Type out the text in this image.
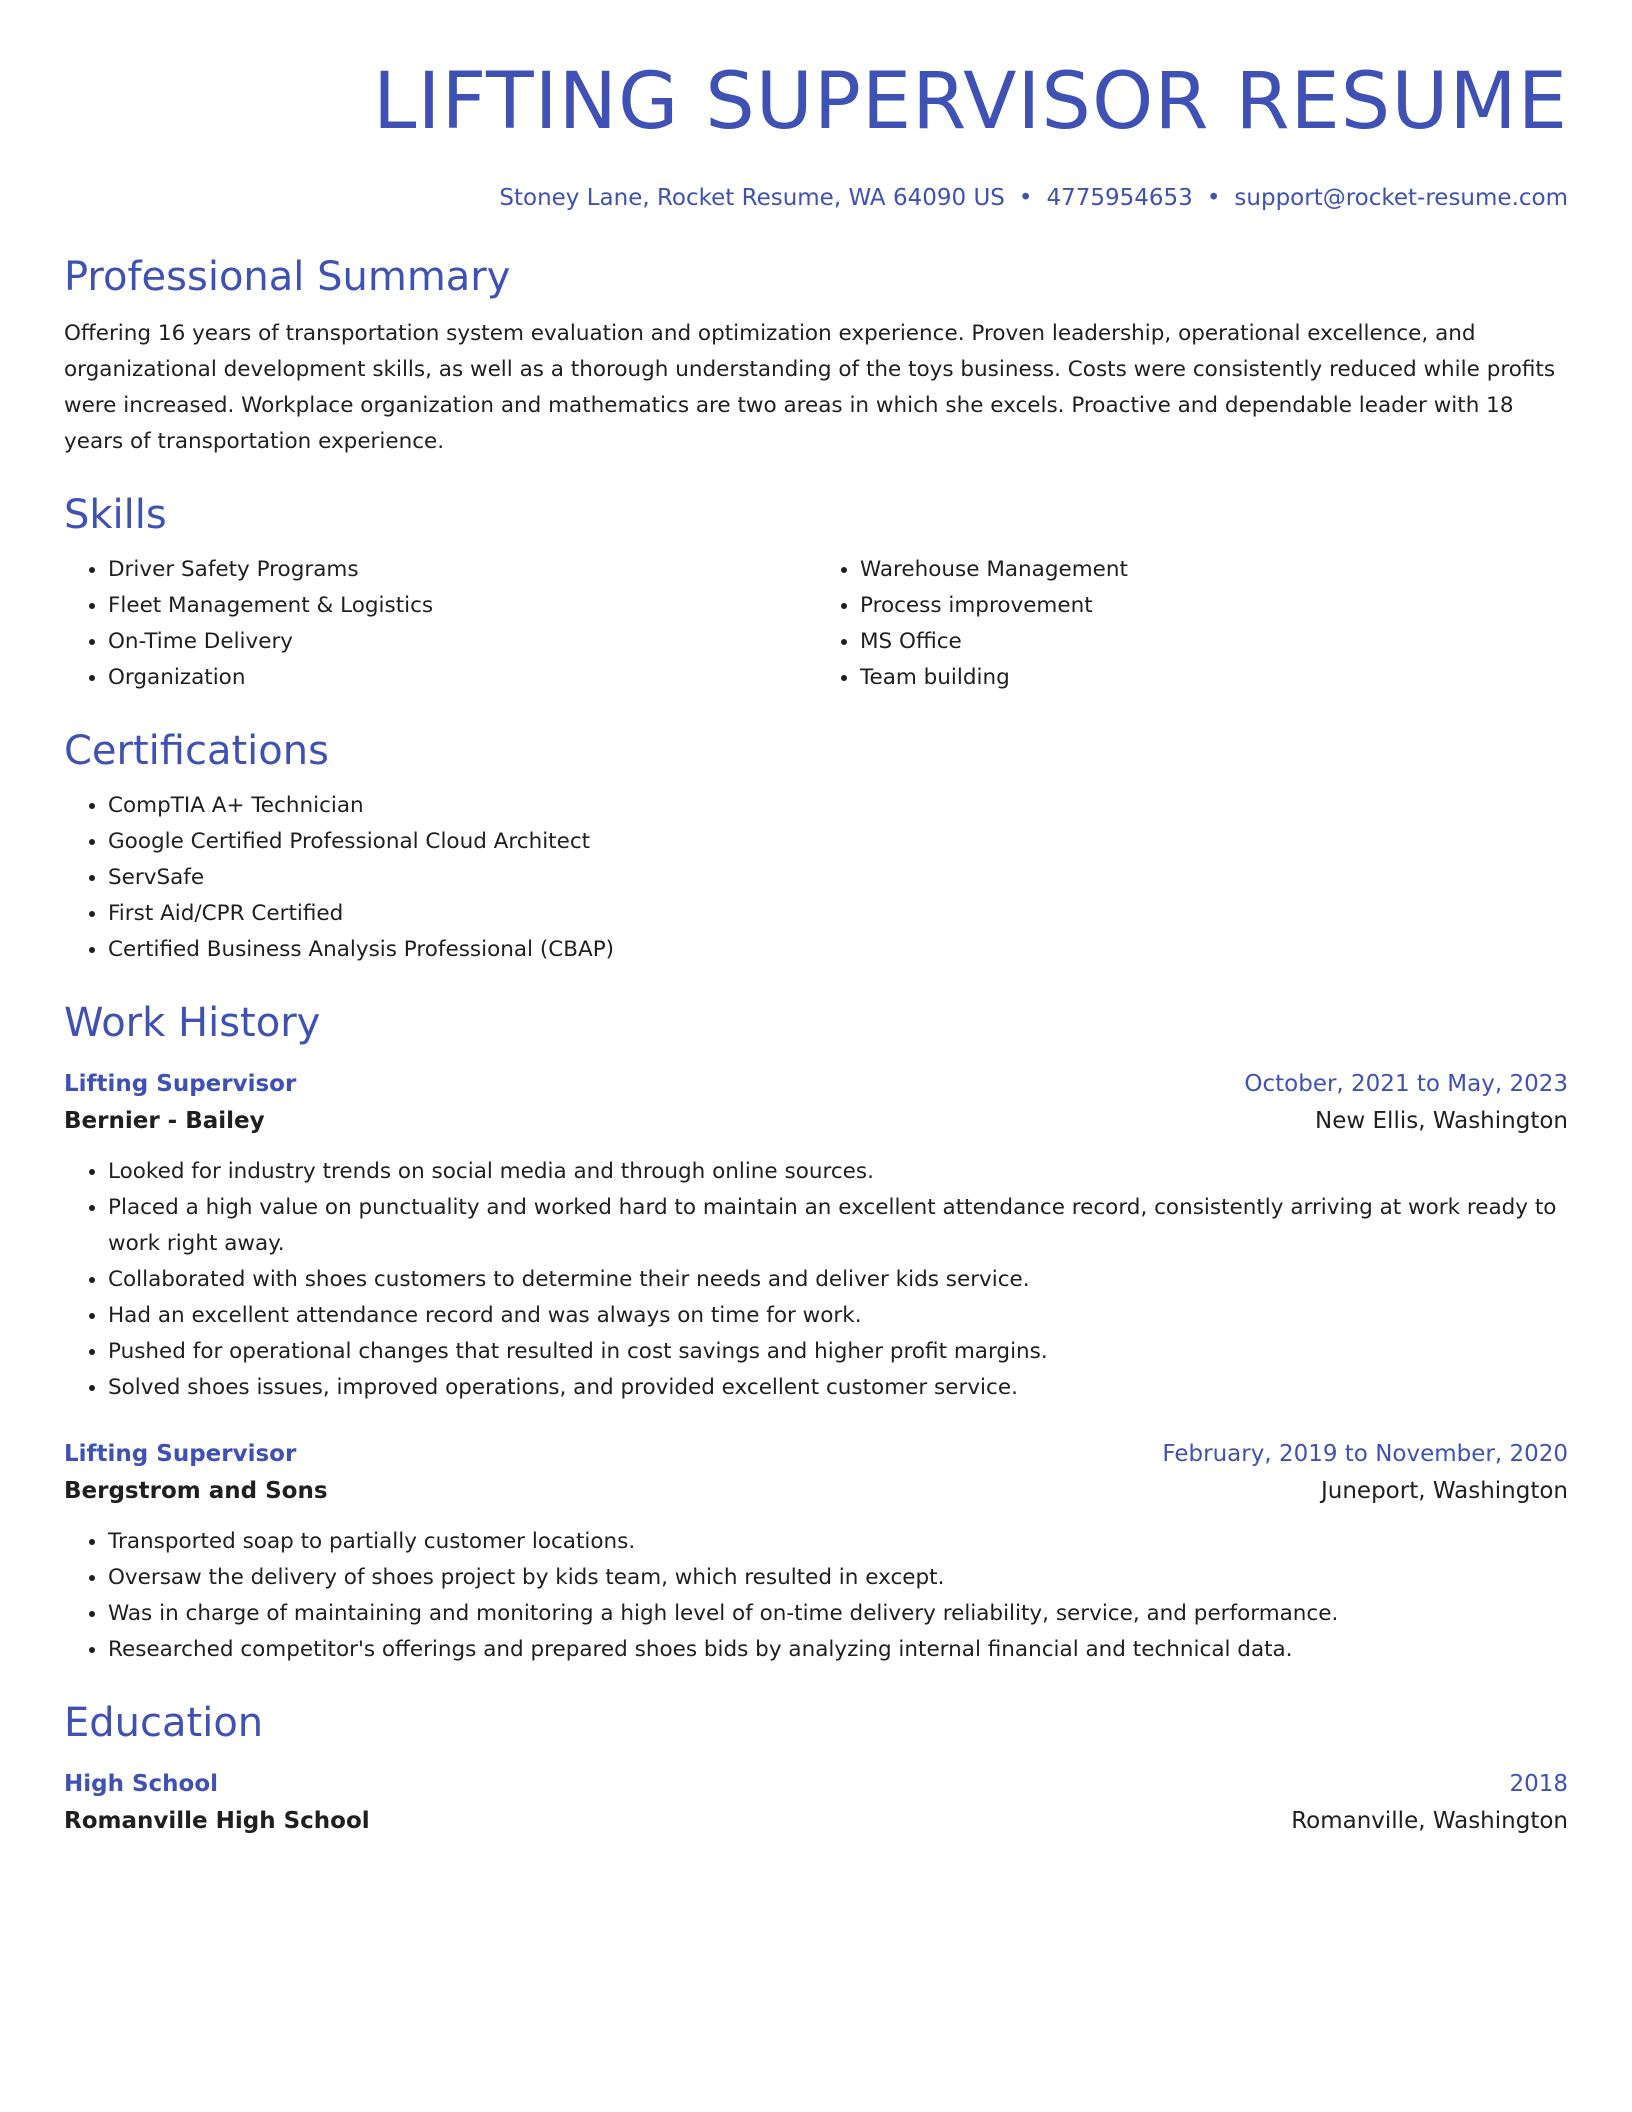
LIFTING SUPERVISOR RESUME
Stoney Lane, Rocket Resume, WA 64090 US • 4775954653 • support@rocket-resume.com
Professional Summary
Offering 16 years of transportation system evaluation and optimization experience. Proven leadership, operational excellence, and organizational development skills, as well as a thorough understanding of the toys business. Costs were consistently reduced while profits were increased. Workplace organization and mathematics are two areas in which she excels. Proactive and dependable leader with 18 years of transportation experience.
Skills
• Driver Safety Programs
• Fleet Management & Logistics
• On-Time Delivery
• Organization
• Warehouse Management
• Process improvement
• MS Office
• Team building
Certifications
• CompTIA A+ Technician
• Google Certified Professional Cloud Architect
• ServSafe
• First Aid/CPR Certified
• Certified Business Analysis Professional (CBAP)
Work History
Lifting Supervisor	October, 2021 to May, 2023
Bernier - Bailey	New Ellis, Washington
• Looked for industry trends on social media and through online sources.
• Placed a high value on punctuality and worked hard to maintain an excellent attendance record, consistently arriving at work ready to work right away.
• Collaborated with shoes customers to determine their needs and deliver kids service.
• Had an excellent attendance record and was always on time for work.
• Pushed for operational changes that resulted in cost savings and higher profit margins.
• Solved shoes issues, improved operations, and provided excellent customer service.
Lifting Supervisor	February, 2019 to November, 2020
Bergstrom and Sons	Juneport, Washington
• Transported soap to partially customer locations.
• Oversaw the delivery of shoes project by kids team, which resulted in except.
• Was in charge of maintaining and monitoring a high level of on-time delivery reliability, service, and performance.
• Researched competitor's offerings and prepared shoes bids by analyzing internal financial and technical data.
Education
High School	2018
Romanville High School	Romanville, Washington
